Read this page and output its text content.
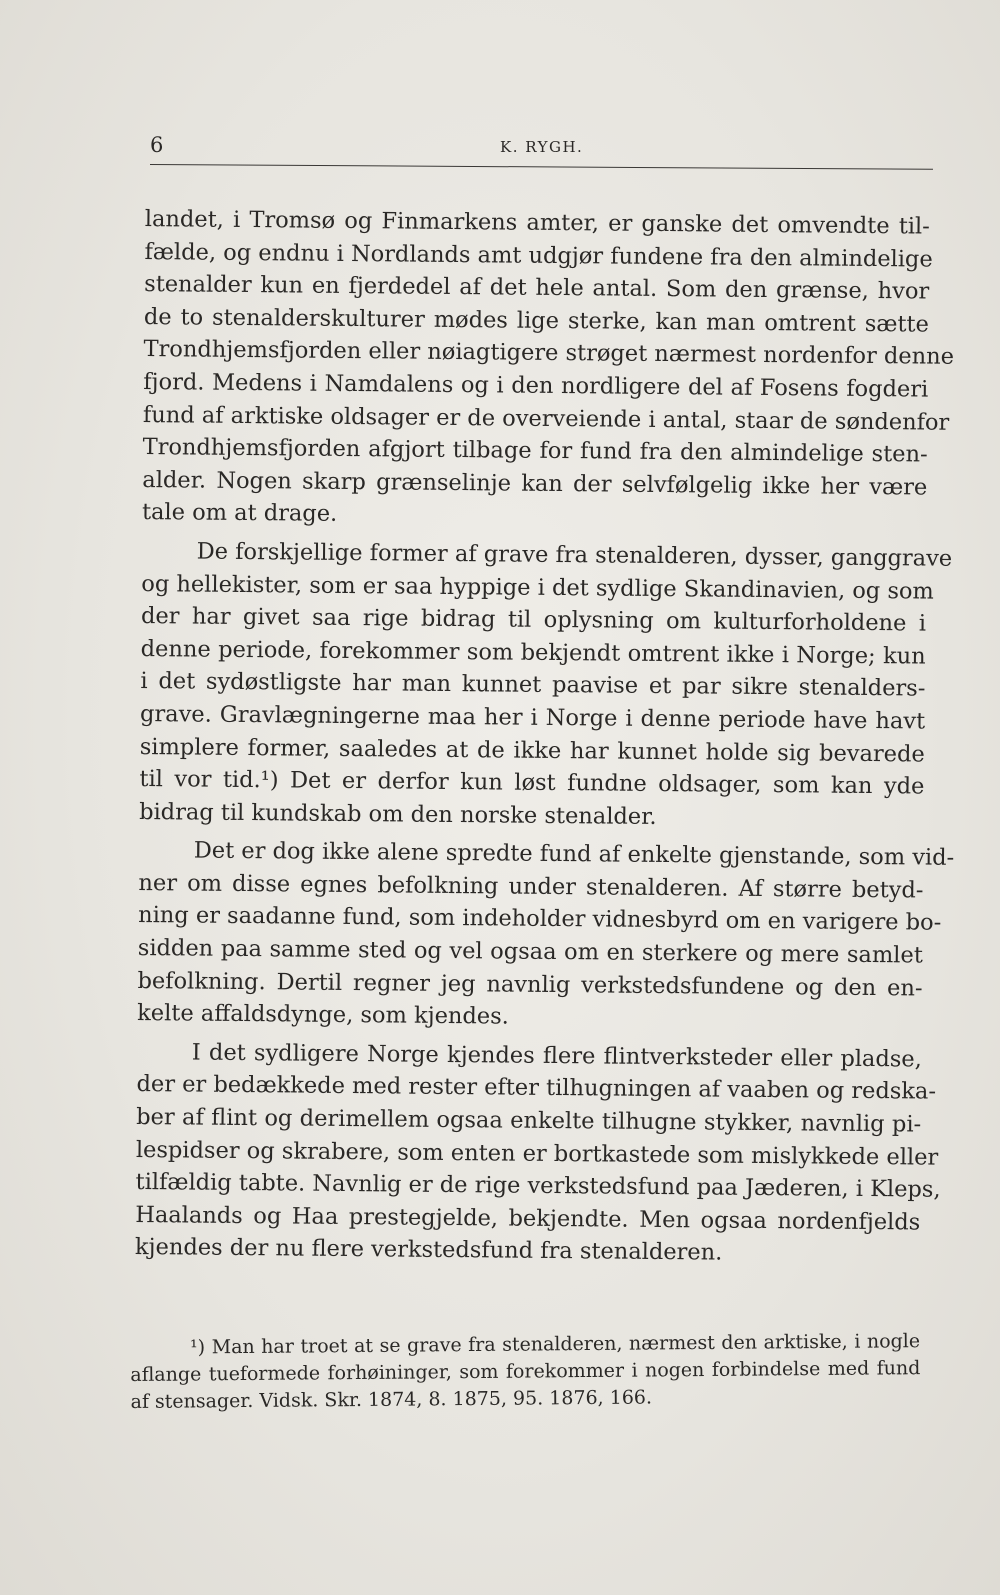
6	K. RYGH.
landet, i Tromsø og Finmarkens amter, er ganske det omvendte til-
fælde, og endnu i Nordlands amt udgjør fundene fra den almindelige
stenalder kun en fjerdedel af det hele antal. Som den grænse, hvor
de to stenalderskulturer mødes lige sterke, kan man omtrent sætte
Trondhjemsfjorden eller nøiagtigere strøget nærmest nordenfor denne
fjord. Medens i Namdalens og i den nordligere del af Fosens fogderi
fund af arktiske oldsager er de overveiende i antal, staar de søndenfor
Trondhjemsfjorden afgjort tilbage for fund fra den almindelige sten-
alder. Nogen skarp grænselinje kan der selvfølgelig ikke her være
tale om at drage.
De forskjellige former af grave fra stenalderen, dysser, ganggrave
og hellekister, som er saa hyppige i det sydlige Skandinavien, og som
der har givet saa rige bidrag til oplysning om kulturforholdene i
denne periode, forekommer som bekjendt omtrent ikke i Norge; kun
i det sydøstligste har man kunnet paavise et par sikre stenalders-
grave. Gravlægningerne maa her i Norge i denne periode have havt
simplere former, saaledes at de ikke har kunnet holde sig bevarede
til vor tid.¹) Det er derfor kun løst fundne oldsager, som kan yde
bidrag til kundskab om den norske stenalder.
Det er dog ikke alene spredte fund af enkelte gjenstande, som vid-
ner om disse egnes befolkning under stenalderen. Af større betyd-
ning er saadanne fund, som indeholder vidnesbyrd om en varigere bo-
sidden paa samme sted og vel ogsaa om en sterkere og mere samlet
befolkning. Dertil regner jeg navnlig verkstedsfundene og den en-
kelte affaldsdynge, som kjendes.
I det sydligere Norge kjendes flere flintverksteder eller pladse,
der er bedækkede med rester efter tilhugningen af vaaben og redska-
ber af flint og derimellem ogsaa enkelte tilhugne stykker, navnlig pi-
lespidser og skrabere, som enten er bortkastede som mislykkede eller
tilfældig tabte. Navnlig er de rige verkstedsfund paa Jæderen, i Kleps,
Haalands og Haa prestegjelde, bekjendte. Men ogsaa nordenfjelds
kjendes der nu flere verkstedsfund fra stenalderen.
¹) Man har troet at se grave fra stenalderen, nærmest den arktiske, i nogle
aflange tueformede forhøininger, som forekommer i nogen forbindelse med fund
af stensager. Vidsk. Skr. 1874, 8. 1875, 95. 1876, 166.
